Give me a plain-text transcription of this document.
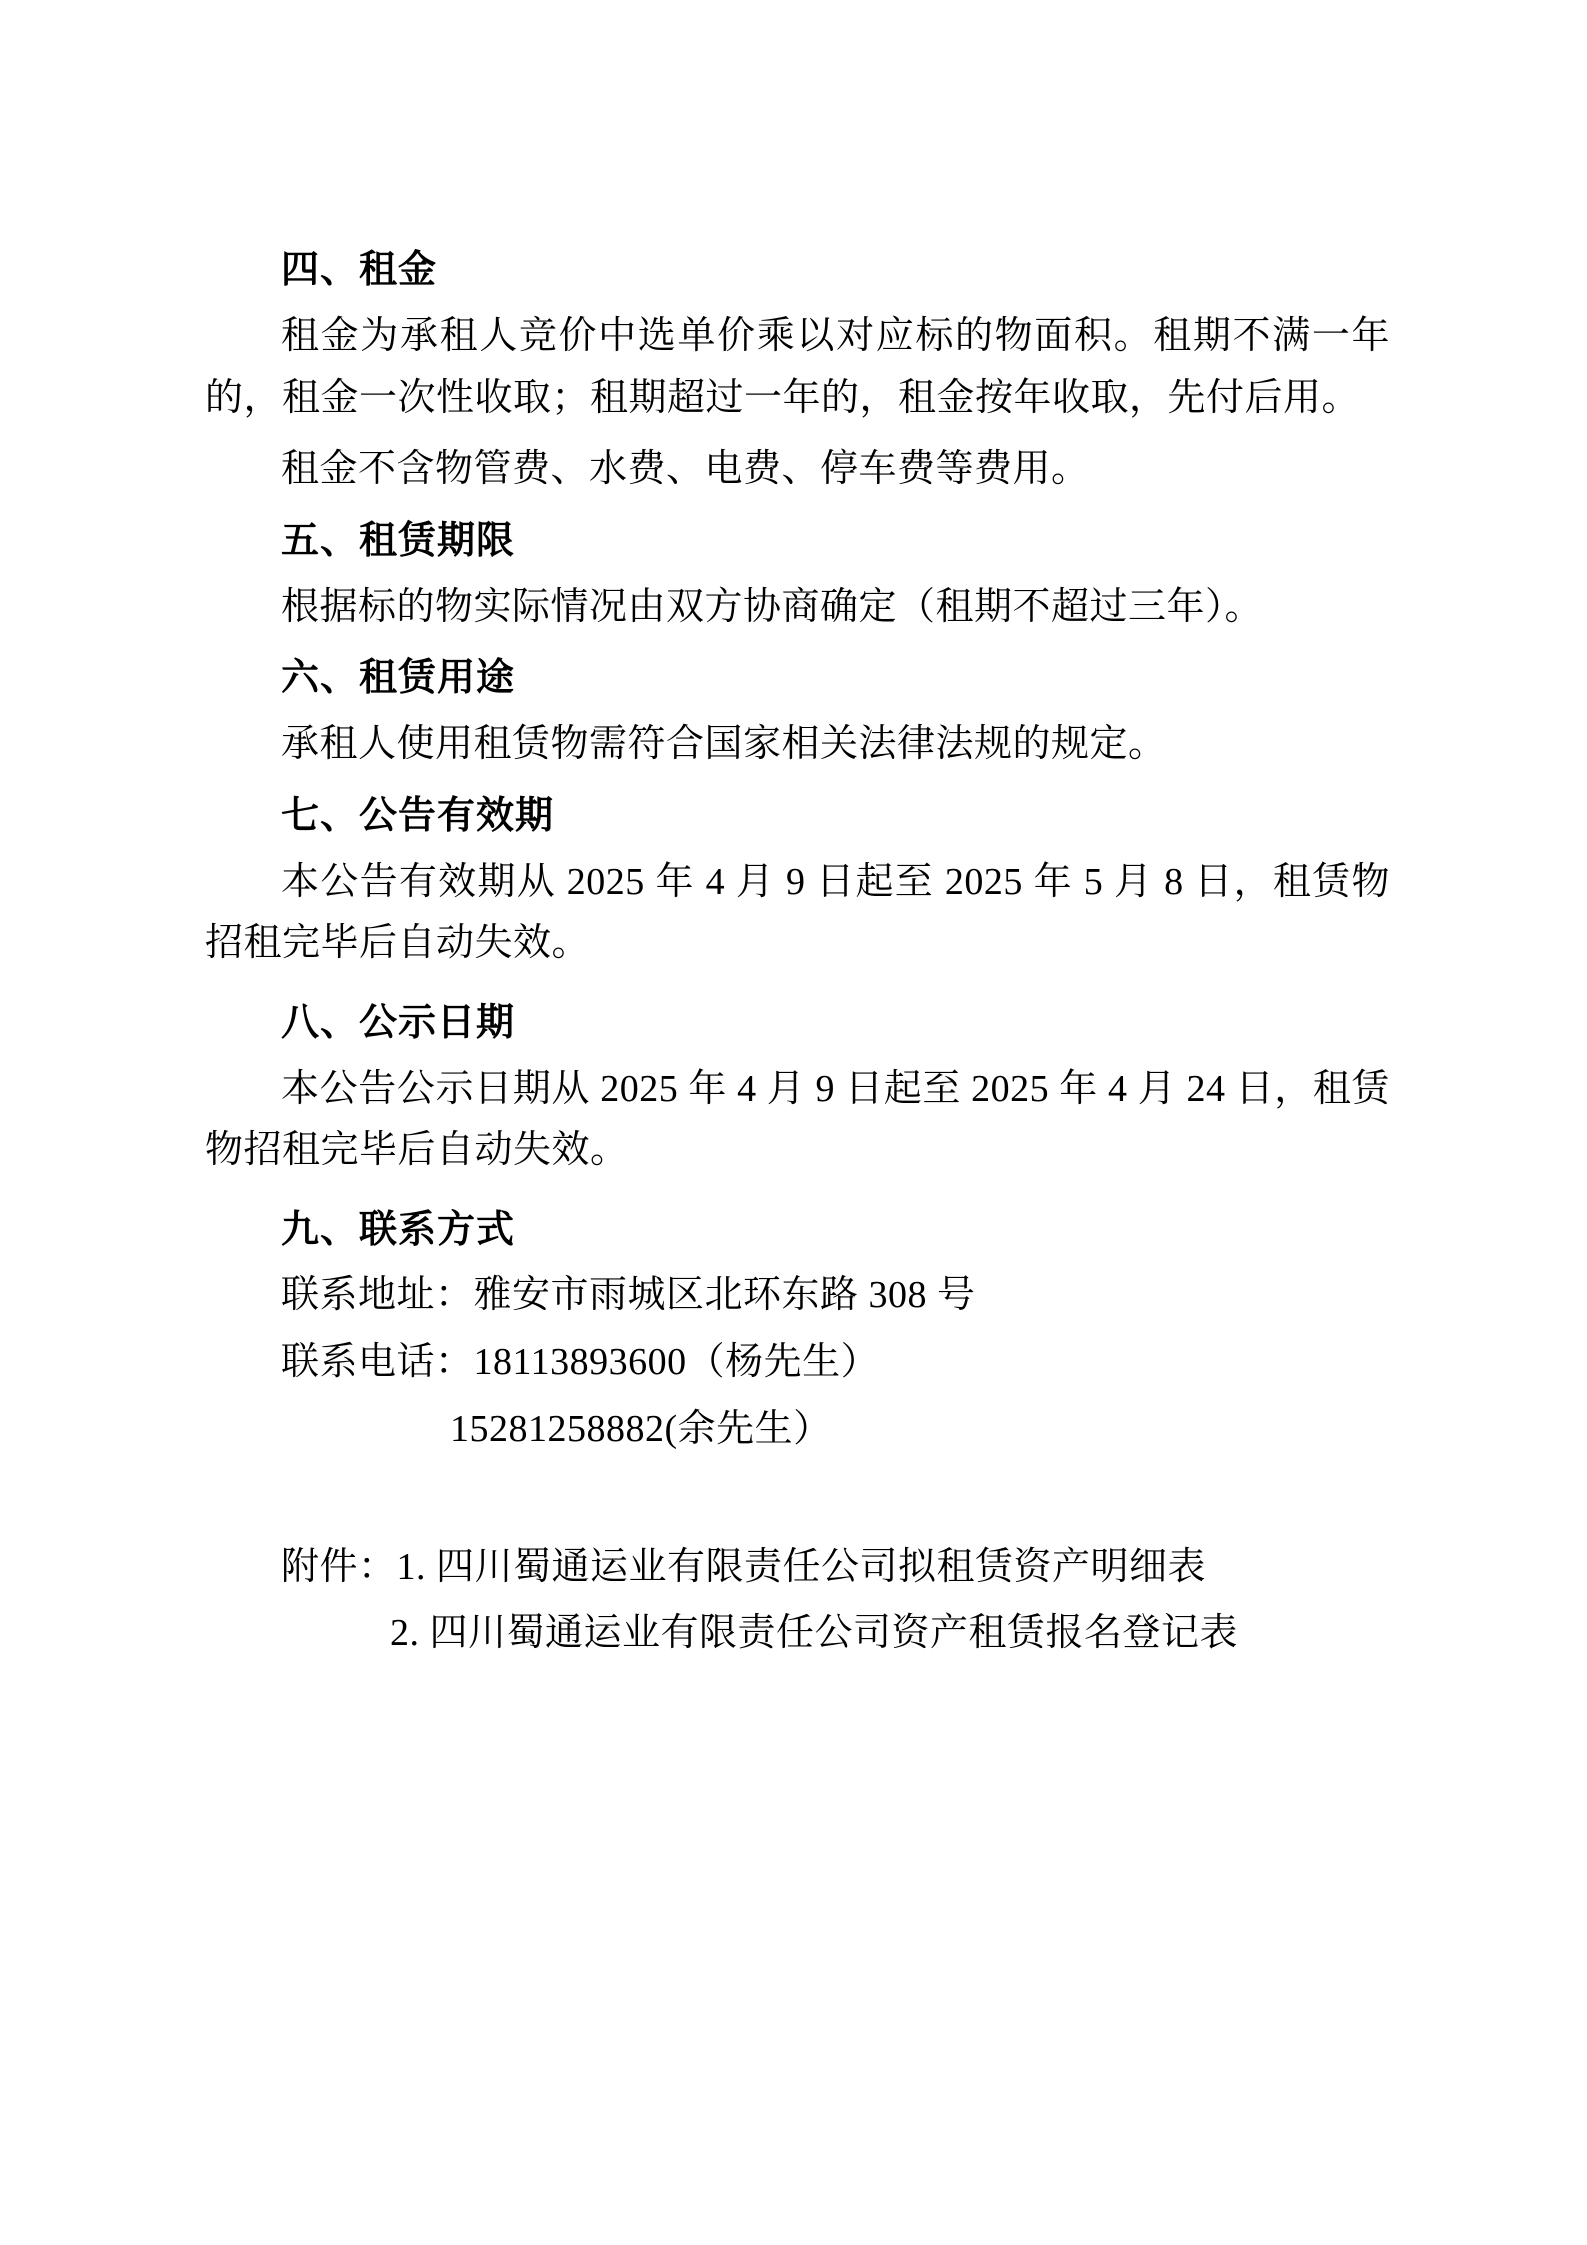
四、租金

租金为承租人竞价中选单价乘以对应标的物面积。租期不满一年的，租金一次性收取；租期超过一年的，租金按年收取，先付后用。

租金不含物管费、水费、电费、停车费等费用。

五、租赁期限

根据标的物实际情况由双方协商确定（租期不超过三年）。

六、租赁用途

承租人使用租赁物需符合国家相关法律法规的规定。

七、公告有效期

本公告有效期从 2025 年 4 月 9 日起至 2025 年 5 月 8 日，租赁物招租完毕后自动失效。

八、公示日期

本公告公示日期从 2025 年 4 月 9 日起至 2025 年 4 月 24 日，租赁物招租完毕后自动失效。

九、联系方式

联系地址：雅安市雨城区北环东路 308 号

联系电话：18113893600（杨先生）

15281258882(余先生）

附件：1. 四川蜀通运业有限责任公司拟租赁资产明细表

2. 四川蜀通运业有限责任公司资产租赁报名登记表
